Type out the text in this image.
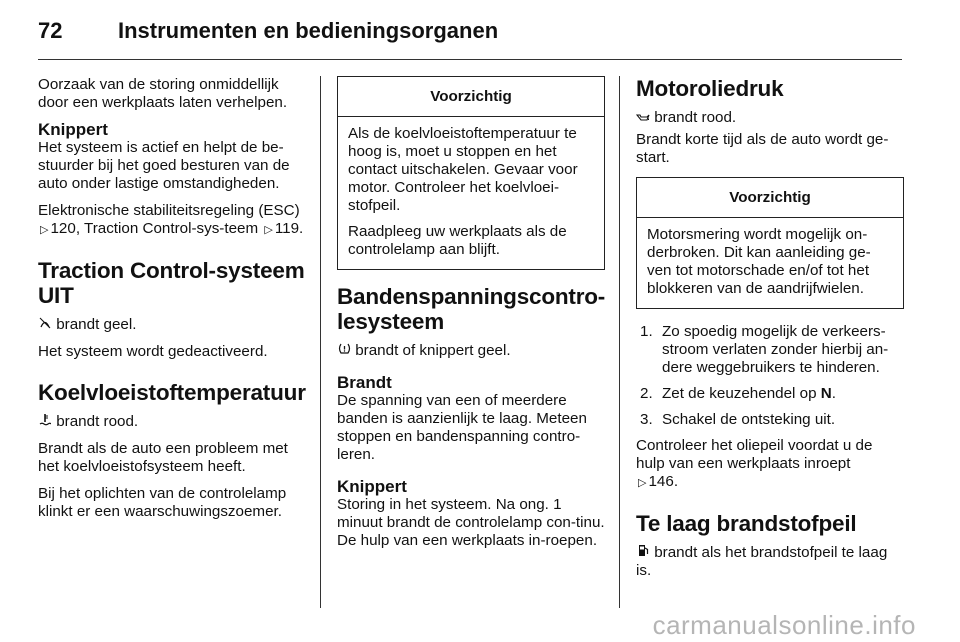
72	Instrumenten en bedieningsorganen

Oorzaak van de storing onmiddellijk door een werkplaats laten verhelpen.

Knippert

Het systeem is actief en helpt de be-stuurder bij het goed besturen van de auto onder lastige omstandigheden.

Elektronische stabiliteitsregeling (ESC) ▷ 120, Traction Control-sys-teem ▷ 119.

Traction Control-systeem UIT

brandt geel.

Het systeem wordt gedeactiveerd.

Koelvloeistoftemperatuur

brandt rood.

Brandt als de auto een probleem met het koelvloeistofsysteem heeft.

Bij het oplichten van de controlelamp klinkt er een waarschuwingszoemer.

Voorzichtig

Als de koelvloeistoftemperatuur te hoog is, moet u stoppen en het contact uitschakelen. Gevaar voor motor. Controleer het koelvloei-stofpeil.

Raadpleeg uw werkplaats als de controlelamp aan blijft.

Bandenspanningscontro-lesysteem

brandt of knippert geel.

Brandt

De spanning van een of meerdere banden is aanzienlijk te laag. Meteen stoppen en bandenspanning contro-leren.

Knippert

Storing in het systeem. Na ong. 1 minuut brandt de controlelamp con-tinu. De hulp van een werkplaats in-roepen.

Motoroliedruk

brandt rood.

Brandt korte tijd als de auto wordt ge-start.

Voorzichtig

Motorsmering wordt mogelijk on-derbroken. Dit kan aanleiding ge-ven tot motorschade en/of tot het blokkeren van de aandrijfwielen.

1. Zo spoedig mogelijk de verkeers-stroom verlaten zonder hierbij an-dere weggebruikers te hinderen.
2. Zet de keuzehendel op N.
3. Schakel de ontsteking uit.

Controleer het oliepeil voordat u de hulp van een werkplaats inroept
▷ 146.

Te laag brandstofpeil

brandt als het brandstofpeil te laag is.

carmanualsonline.info
